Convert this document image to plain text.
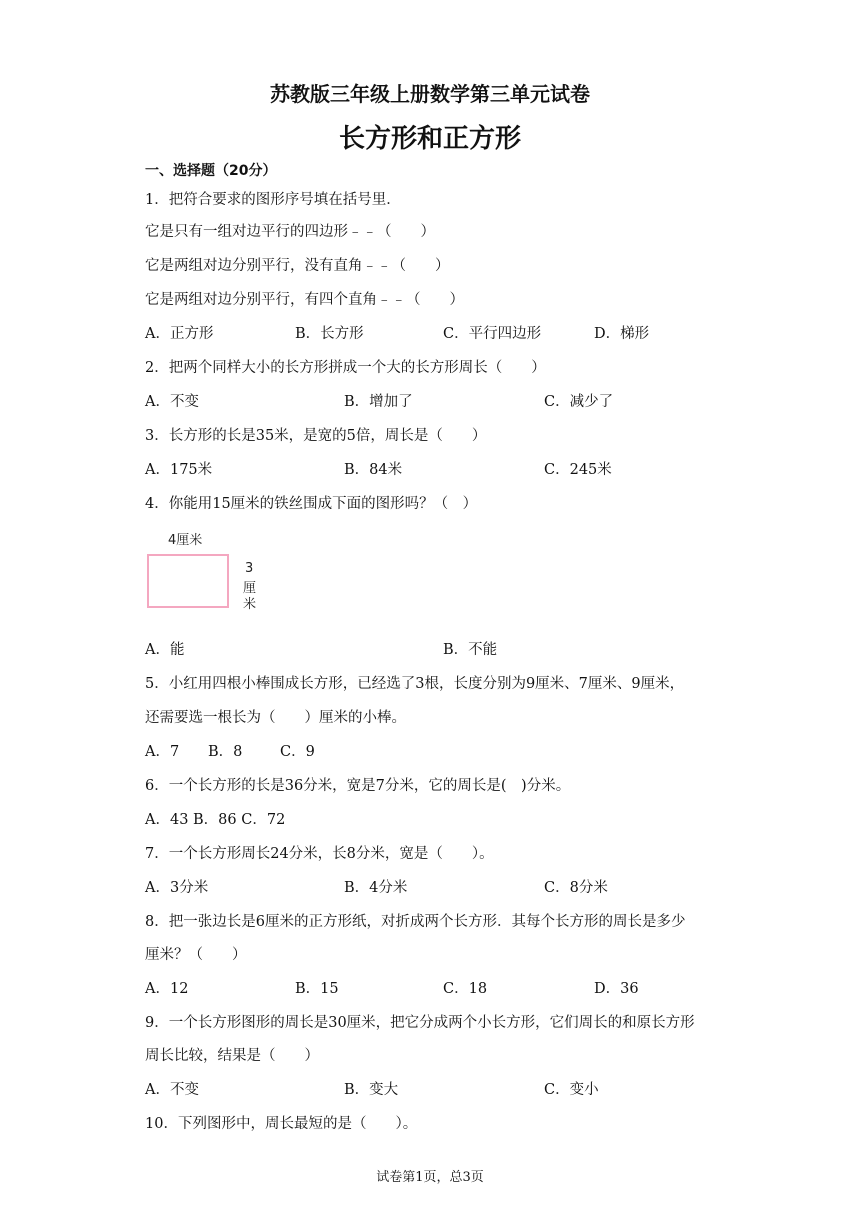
苏教版三年级上册数学第三单元试卷
长方形和正方形
一、选择题（20分）
1．把符合要求的图形序号填在括号里．
它是只有一组对边平行的四边形﹣﹣（　　）
它是两组对边分别平行，没有直角﹣﹣（　　）
它是两组对边分别平行，有四个直角﹣﹣（　　）
A．正方形	B．长方形	C．平行四边形	D．梯形
2．把两个同样大小的长方形拼成一个大的长方形周长（　　）
A．不变	B．增加了	C．减少了
3．长方形的长是35米，是宽的5倍，周长是（　　）
A．175米	B．84米	C．245米
4．你能用15厘米的铁丝围成下面的图形吗？（　）
4厘米
3
厘
米
A．能	B．不能
5．小红用四根小棒围成长方形，已经选了3根，长度分别为9厘米、7厘米、9厘米，
还需要选一根长为（　　）厘米的小棒。
A．7 B．8	C．9
6．一个长方形的长是36分米，宽是7分米，它的周长是(　)分米。
A．43 B．86 C．72
7．一个长方形周长24分米，长8分米，宽是（　　）。
A．3分米	B．4分米	C．8分米
8．把一张边长是6厘米的正方形纸，对折成两个长方形．其每个长方形的周长是多少
厘米？（　　）
A．12	B．15	C．18	D．36
9．一个长方形图形的周长是30厘米，把它分成两个小长方形，它们周长的和原长方形
周长比较，结果是（　　）
A．不变	B．变大	C．变小
10．下列图形中，周长最短的是（　　）。
试卷第1页，总3页
